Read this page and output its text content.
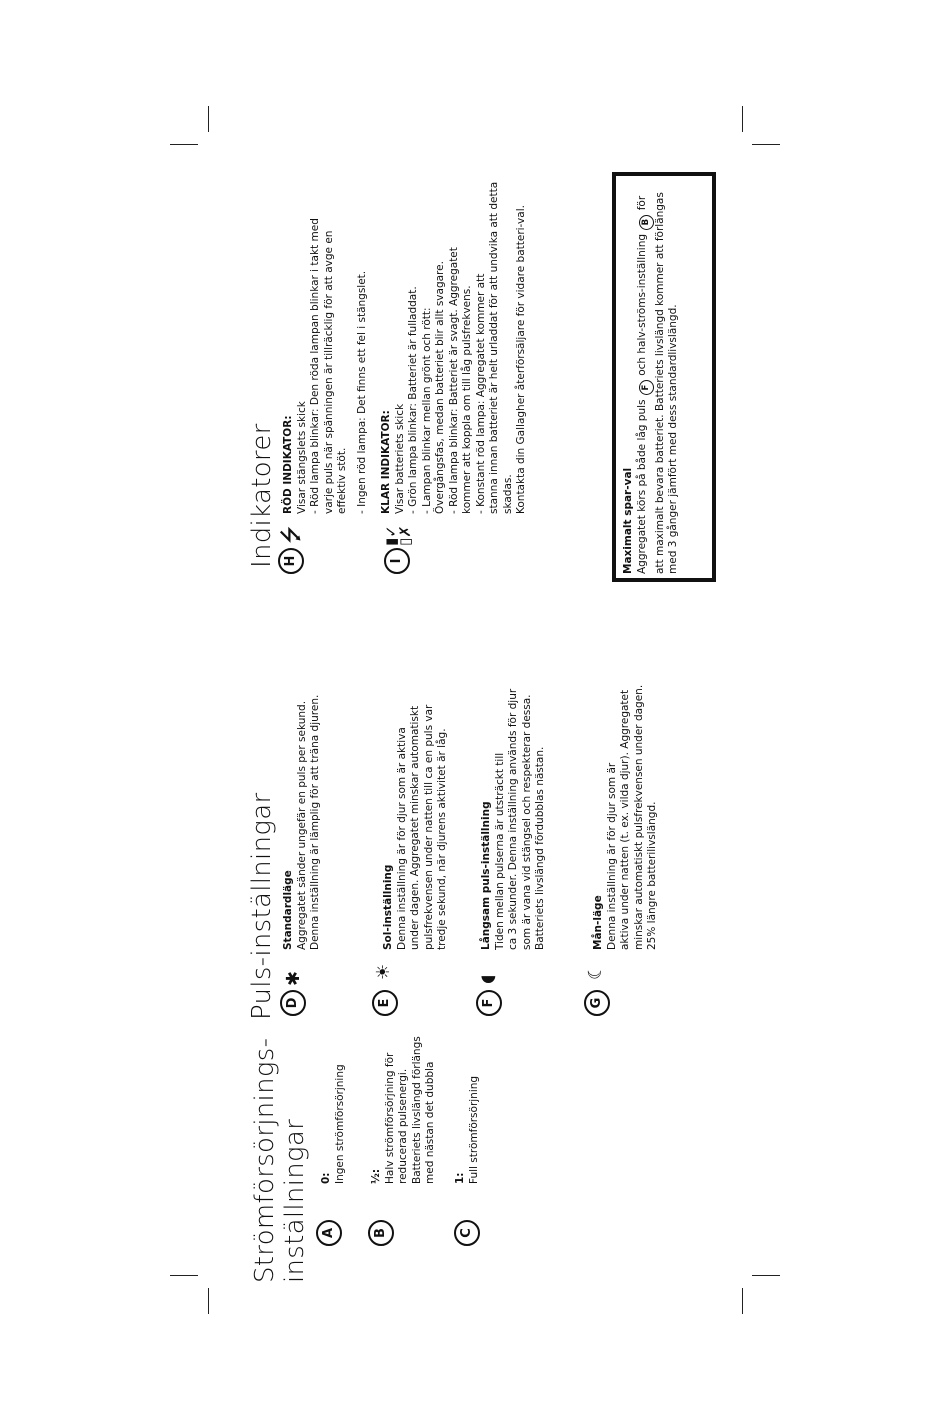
Strömförsörjnings- inställningar A

0: Ingen strömförsörjning

B

½: Halv strömförsörjning för reducerad pulsenergi. Batteriets livslängd förlängs med nästan det dubbla

C

1: Full strömförsörjning

Puls-inställningar D
✱

Standardläge Aggregatet sänder ungefär en puls per sekund. Denna inställning är lämplig för att träna djuren.

E
☀

Sol-inställning Denna inställning är för djur som är aktiva under dagen. Aggregatet minskar automatiskt pulsfrekvensen under natten till ca en puls var tredje sekund, när djurens aktivitet är låg.

F
◖

Långsam puls-inställning Tiden mellan pulserna är utsträckt till ca 3 sekunder. Denna inställning används för djur som är vana vid stängsel och respekterar dessa. Batteriets livslängd fördubblas nästan.

G
☾

Mån-läge Denna inställning är för djur som är aktiva under natten (t. ex. vilda djur). Aggregatet minskar automatiskt pulsfrekvensen under dagen. 25% längre batterilivslängd.

Indikatorer H
⭍

RÖD INDIKATOR: Visar stängslets skick - Röd lampa blinkar: Den röda lampan blinkar i takt med varje puls när spänningen är tillräcklig för att avge en effektiv stöt. - Ingen röd lampa: Det finns ett fel i stängslet.

I
▮✓
▯✗

KLAR INDIKATOR: Visar batteriets skick - Grön lampa blinkar: Batteriet är fulladdat. - Lampan blinkar mellan grönt och rött: Övergångsfas, medan batteriet blir allt svagare. - Röd lampa blinkar: Batteriet är svagt. Aggregatet kommer att koppla om till låg pulsfrekvens. - Konstant röd lampa: Aggregatet kommer att stanna innan batteriet är helt urladdat för att undvika att detta skadas. Kontakta din Gallagher återförsäljare för vidare batteri-val.

Maximalt spar-val Aggregatet körs på både låg puls F och halv-ströms-inställning B för att maximalt bevara batteriet. Batteriets livslängd kommer att förlängas med 3 gånger jämfört med dess standardlivslängd.
